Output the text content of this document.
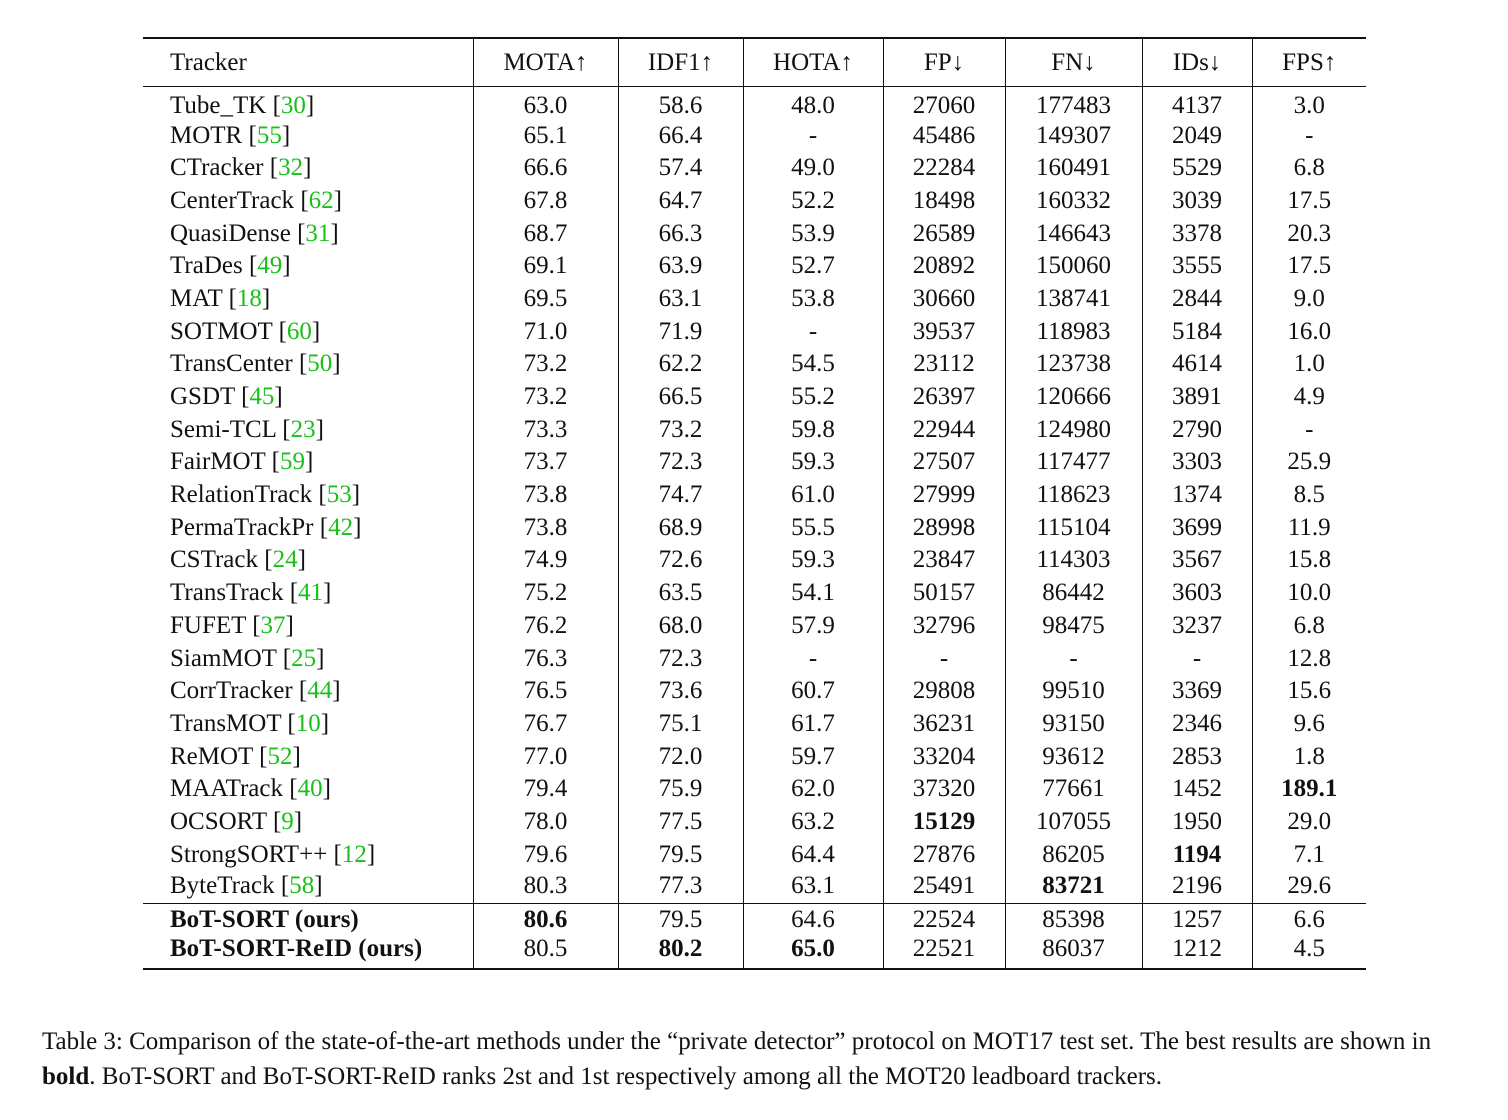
Tracker	MOTA↑	IDF1↑	HOTA↑	FP↓	FN↓	IDs↓	FPS↑
Tube_TK [30]	63.0	58.6	48.0	27060	177483	4137	3.0
MOTR [55]	65.1	66.4	-	45486	149307	2049	-
CTracker [32]	66.6	57.4	49.0	22284	160491	5529	6.8
CenterTrack [62]	67.8	64.7	52.2	18498	160332	3039	17.5
QuasiDense [31]	68.7	66.3	53.9	26589	146643	3378	20.3
TraDes [49]	69.1	63.9	52.7	20892	150060	3555	17.5
MAT [18]	69.5	63.1	53.8	30660	138741	2844	9.0
SOTMOT [60]	71.0	71.9	-	39537	118983	5184	16.0
TransCenter [50]	73.2	62.2	54.5	23112	123738	4614	1.0
GSDT [45]	73.2	66.5	55.2	26397	120666	3891	4.9
Semi-TCL [23]	73.3	73.2	59.8	22944	124980	2790	-
FairMOT [59]	73.7	72.3	59.3	27507	117477	3303	25.9
RelationTrack [53]	73.8	74.7	61.0	27999	118623	1374	8.5
PermaTrackPr [42]	73.8	68.9	55.5	28998	115104	3699	11.9
CSTrack [24]	74.9	72.6	59.3	23847	114303	3567	15.8
TransTrack [41]	75.2	63.5	54.1	50157	86442	3603	10.0
FUFET [37]	76.2	68.0	57.9	32796	98475	3237	6.8
SiamMOT [25]	76.3	72.3	-	-	-	-	12.8
CorrTracker [44]	76.5	73.6	60.7	29808	99510	3369	15.6
TransMOT [10]	76.7	75.1	61.7	36231	93150	2346	9.6
ReMOT [52]	77.0	72.0	59.7	33204	93612	2853	1.8
MAATrack [40]	79.4	75.9	62.0	37320	77661	1452	189.1
OCSORT [9]	78.0	77.5	63.2	15129	107055	1950	29.0
StrongSORT++ [12]	79.6	79.5	64.4	27876	86205	1194	7.1
ByteTrack [58]	80.3	77.3	63.1	25491	83721	2196	29.6
BoT-SORT (ours)	80.6	79.5	64.6	22524	85398	1257	6.6
BoT-SORT-ReID (ours)	80.5	80.2	65.0	22521	86037	1212	4.5
Table 3: Comparison of the state-of-the-art methods under the “private detector” protocol on MOT17 test set. The best results are shown in bold. BoT-SORT and BoT-SORT-ReID ranks 2st and 1st respectively among all the MOT20 leadboard trackers.
